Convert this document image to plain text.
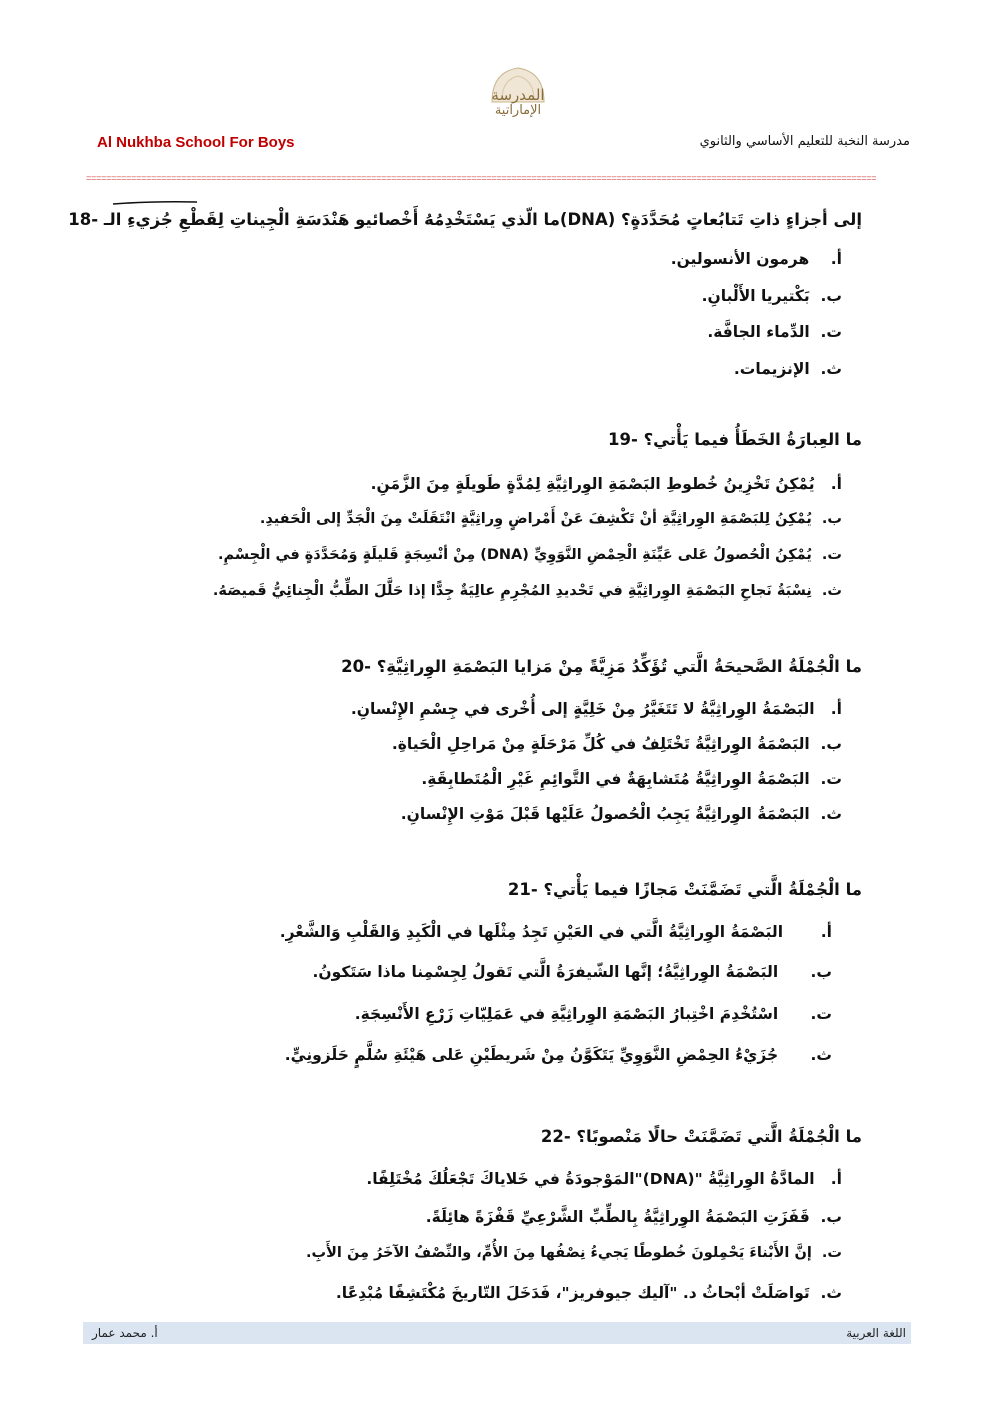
المدرسة
الإماراتية
Al Nukhba School For Boys	مدرسة النخبة للتعليم الأساسي والثانوي
==============================================================================================================================================================
18- ما الّذي يَسْتَخْدِمُهُ أَخْصائيو هَنْدَسَةِ الْجِيناتِ لِقَطْعِ جُزيءِ الـ(DNA) إلى أجزاءٍ ذاتِ تَتابُعاتٍ مُحَدَّدَةٍ؟
أ.    هرمون الأنسولين.
ب.  بَكْتيريا الأَلْبانِ.
ت.  الدِّماء الجافَّة.
ث.  الإنزيمات.
19- ما العِبارَةُ الخَطَأُ فيما يَأْتي؟
أ.   يُمْكِنُ تَخْزِينُ خُطوطِ البَصْمَةِ الوِراثِيَّةِ لِمُدَّةٍ طَويلَةٍ مِنَ الزَّمَنِ.
ب.  يُمْكِنُ لِلبَصْمَةِ الوِراثِيَّةِ أنْ تَكْشِفَ عَنْ أَمْراضٍ وِراثِيَّةٍ انْتَقَلَتْ مِنَ الْجَدِّ إلى الْحَفيدِ.
ت.  يُمْكِنُ الْحُصولُ عَلى عَيِّنَةِ الْحِمْضِ النَّوَوِيِّ (DNA) مِنْ أنْسِجَةٍ قَليلَةٍ وَمُحَدَّدَةٍ في الْجِسْمِ.
ث.  نِسْبَةُ نَجاحِ البَصْمَةِ الوِراثِيَّةِ في تَحْديدِ المُجْرِمِ عالِيَةٌ جِدًّا إذا حَلَّلَ الطِّبُّ الْجِنائِيُّ قَميصَهُ.
20- ما الْجُمْلَةُ الصَّحيحَةُ الَّتي تُؤَكِّدُ مَزِيَّةً مِنْ مَزايا البَصْمَةِ الوِراثِيَّةِ؟
أ.   البَصْمَةُ الوِراثِيَّةُ لا تَتَغَيَّرُ مِنْ خَلِيَّةٍ إلى أُخْرى في جِسْمِ الإِنْسانِ.
ب.  البَصْمَةُ الوِراثِيَّةُ تَخْتَلِفُ في كُلِّ مَرْحَلَةٍ مِنْ مَراحِلِ الْحَياةِ.
ت.  البَصْمَةُ الوِراثِيَّةُ مُتَشابِهَةٌ في التَّوائِمِ غَيْرِ الْمُتَطابِقَةِ.
ث.  البَصْمَةُ الوِراثِيَّةُ يَجِبُ الْحُصولُ عَلَيْها قَبْلَ مَوْتِ الإِنْسانِ.
21- ما الْجُمْلَةُ الَّتي تَضَمَّنَتْ مَجازًا فيما يَأْتي؟
أ.       البَصْمَةُ الوِراثِيَّةُ الَّتي في العَيْنِ تَجِدُ مِثْلَها في الْكَبِدِ وَالقَلْبِ وَالشَّعْرِ.
ب.      البَصْمَةُ الوِراثِيَّةُ؛ إنَّها الشّيفرَةُ الَّتي تَقولُ لِجِسْمِنا ماذا سَتَكونُ.
ت.      اسْتُخْدِمَ اخْتِبارُ البَصْمَةِ الوِراثِيَّةِ في عَمَلِيّاتِ زَرْعِ الأَنْسِجَةِ.
ث.      جُزَيْءُ الحِمْضِ النَّوَوِيِّ يَتَكَوَّنُ مِنْ شَريطَيْنِ عَلى هَيْئَةِ سُلَّمٍ حَلَزونِيٍّ.
22- ما الْجُمْلَةُ الَّتي تَضَمَّنَتْ حالًا مَنْصوبًا؟
أ.   المادَّةُ الوِراثِيَّةُ "(DNA)"المَوْجودَةُ في خَلاياكَ تَجْعَلُكَ مُخْتَلِفًا.
ب.  قَفَزَتِ البَصْمَةُ الوِراثِيَّةُ بِالطِّبِّ الشَّرْعِيِّ قَفْزَةً هائِلَةً.
ت.  إنَّ الأَبْناءَ يَحْمِلونَ خُطوطًا يَجيءُ نِصْفُها مِنَ الأُمِّ، والنِّصْفُ الآخَرُ مِنَ الأَبِ.
ث.  تَواصَلَتْ أبْحاثُ د. "آليك جيوفريز"، فَدَخَلَ التّاريخَ مُكْتَشِفًا مُبْدِعًا.
أ. محمد عمار	اللغة العربية
